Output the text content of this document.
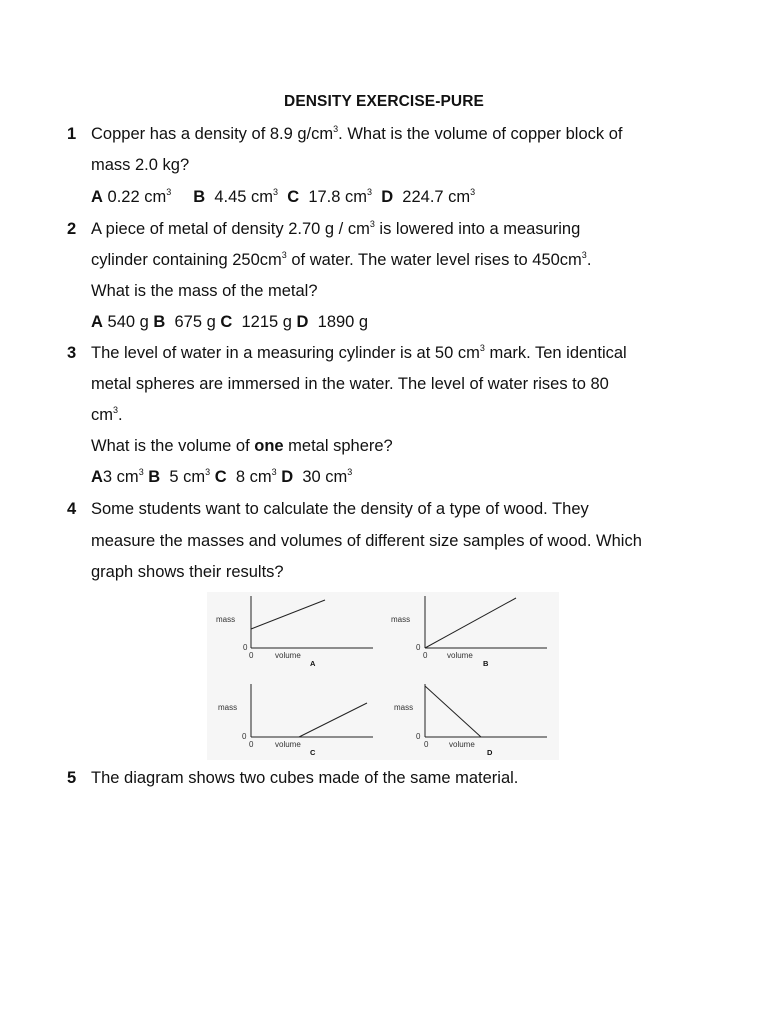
DENSITY EXERCISE-PURE
1 Copper has a density of 8.9 $g/cm^3$. What is the volume of copper block of
mass 2.0 kg?
A 0.22 $cm^3$ B 4.45 $cm^3$ C 17.8 $cm^3$ D 224.7 $cm^3$
2 A piece of metal of density 2.70 g / $cm^3$ is lowered into a measuring
cylinder containing $250cm^3$ of water. The water level rises to $450cm^3$.
What is the mass of the metal?
A 540 g B 675 g C 1215 g D 1890 g
3 The level of water in a measuring cylinder is at 50 $cm^3$ mark. Ten identical
metal spheres are immersed in the water. The level of water rises to 80
$cm^3$.
What is the volume of one metal sphere?
A3 $cm^3$ B 5 $cm^3$ C 8 $cm^3$ D 30 $cm^3$
4 Some students want to calculate the density of a type of wood. They
measure the masses and volumes of different size samples of wood. Which
graph shows their results?
mass
0
0	volume
A
mass
0
0 volume
B
mass
0
0	volume
C
mass
0
0	volume
D
5 The diagram shows two cubes made of the same material.
